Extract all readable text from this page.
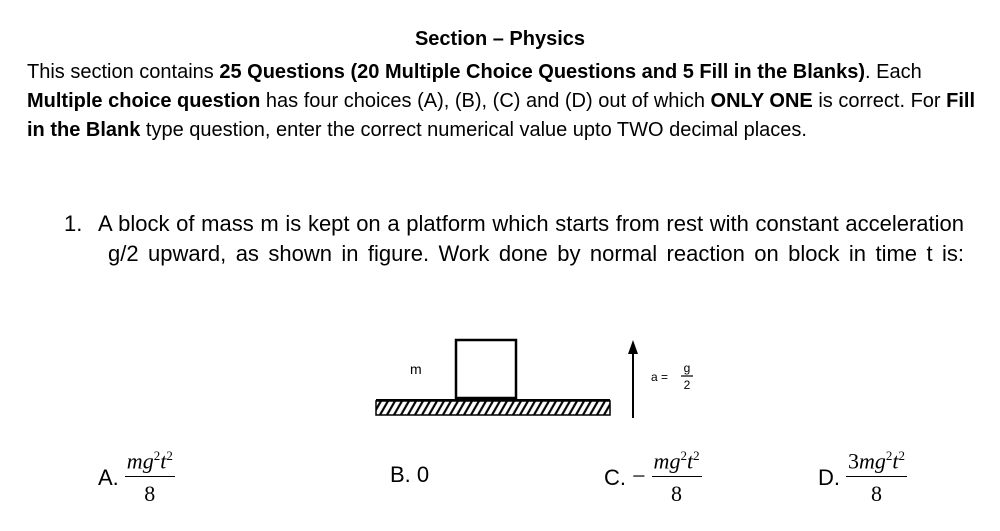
Section – Physics
This section contains 25 Questions (20 Multiple Choice Questions and 5 Fill in the Blanks). Each Multiple choice question has four choices (A), (B), (C) and (D) out of which ONLY ONE is correct. For Fill in the Blank type question, enter the correct numerical value upto TWO decimal places.
1. A block of mass m is kept on a platform which starts from rest with constant acceleration g/2 upward, as shown in figure. Work done by normal reaction on block in time t is:
m	a =
g
2
A. $\frac{mg^2t^2}{8}$	B. 0	C. − $\frac{mg^2t^2}{8}$	D. $\frac{3mg^2t^2}{8}$
